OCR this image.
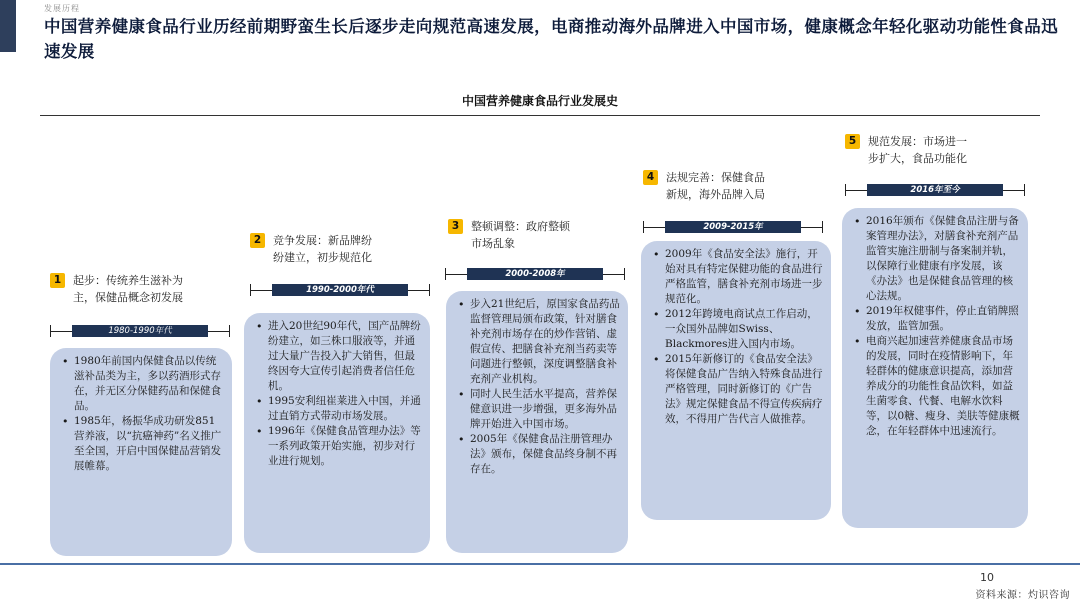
发展历程
中国营养健康食品行业历经前期野蛮生长后逐步走向规范高速发展，电商推动海外品牌进入中国市场，健康概念年轻化驱动功能性食品迅速发展
中国营养健康食品行业发展史
1	起步：传统养生滋补为
主，保健品概念初发展
1980-1990年代
• 1980年前国内保健食品以传统滋补品类为主，多以药酒形式存在，并无区分保健药品和保健食品。
• 1985年，杨振华成功研发851营养液，以“抗癌神药”名义推广至全国，开启中国保健品营销发展帷幕。
2	竞争发展：新品牌纷
纷建立，初步规范化
1990-2000年代
• 进入20世纪90年代，国产品牌纷纷建立，如三株口服液等，并通过大量广告投入扩大销售，但最终因夸大宣传引起消费者信任危机。
• 1995安利纽崔莱进入中国，并通过直销方式带动市场发展。
• 1996年《保健食品管理办法》等一系列政策开始实施，初步对行业进行规划。
3	整顿调整：政府整顿
市场乱象
2000-2008年
• 步入21世纪后，原国家食品药品监督管理局颁布政策，针对膳食补充剂市场存在的炒作营销、虚假宣传、把膳食补充剂当药卖等问题进行整顿，深度调整膳食补充剂产业机构。
• 同时人民生活水平提高，营养保健意识进一步增强，更多海外品牌开始进入中国市场。
• 2005年《保健食品注册管理办法》颁布，保健食品终身制不再存在。
4	法规完善：保健食品
新规，海外品牌入局
2009-2015年
• 2009年《食品安全法》施行，开始对具有特定保健功能的食品进行严格监管，膳食补充剂市场进一步规范化。
• 2012年跨境电商试点工作启动，一众国外品牌如Swiss、Blackmores进入国内市场。
• 2015年新修订的《食品安全法》将保健食品广告纳入特殊食品进行严格管理，同时新修订的《广告法》规定保健食品不得宣传疾病疗效，不得用广告代言人做推荐。
5	规范发展：市场进一
步扩大，食品功能化
2016年至今
• 2016年颁布《保健食品注册与备案管理办法》，对膳食补充剂产品监管实施注册制与备案制并轨，以保障行业健康有序发展，该《办法》也是保健食品管理的核心法规。
• 2019年权健事件，停止直销牌照发放，监管加强。
• 电商兴起加速营养健康食品市场的发展，同时在疫情影响下，年轻群体的健康意识提高，添加营养成分的功能性食品饮料，如益生菌零食、代餐、电解水饮料等，以0糖、瘦身、美肤等健康概念，在年轻群体中迅速流行。
10
资料来源：灼识咨询
